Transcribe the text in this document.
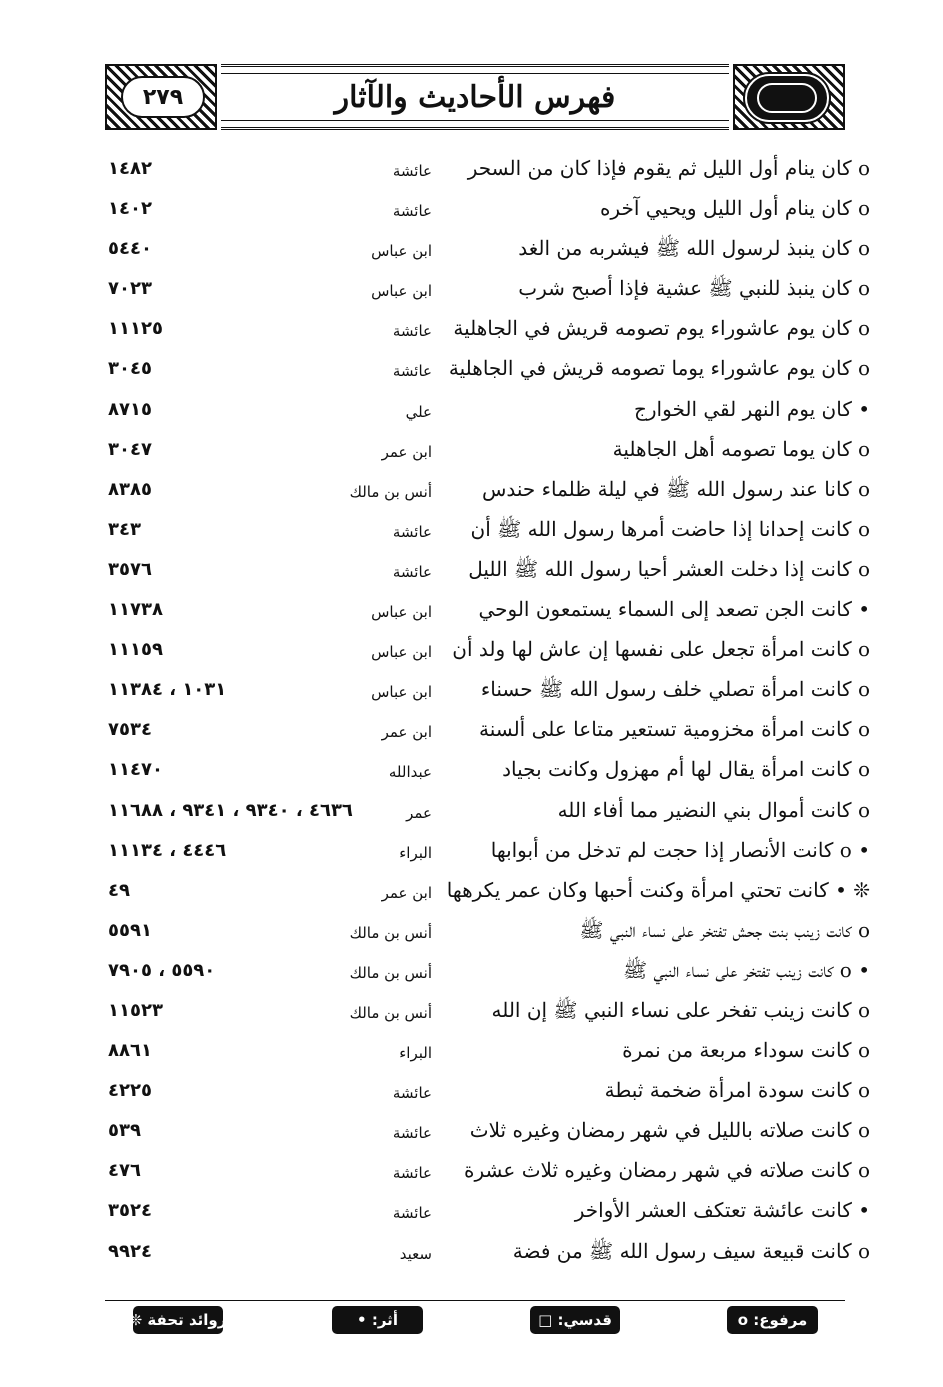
٢٧٩	فهرس الأحاديث والآثار
١٤٨٢	عائشة o كان ينام أول الليل ثم يقوم فإذا كان من السحر
١٤٠٢	عائشة	o كان ينام أول الليل ويحيي آخره
٥٤٤٠	ابن عباس	o كان ينبذ لرسول الله ﷺ فيشربه من الغد
٧٠٢٣	ابن عباس	o كان ينبذ للنبي ﷺ عشية فإذا أصبح شرب
١١١٢٥	عائشة o كان يوم عاشوراء يوم تصومه قريش في الجاهلية
٣٠٤٥	عائشة o كان يوم عاشوراء يوما تصومه قريش في الجاهلية
٨٧١٥	علي	• كان يوم النهر لقي الخوارج
٣٠٤٧	ابن عمر	o كان يوما تصومه أهل الجاهلية
٨٣٨٥	أنس بن مالك o كانا عند رسول الله ﷺ في ليلة ظلماء حندس
٣٤٣	عائشة o كانت إحدانا إذا حاضت أمرها رسول الله ﷺ أن
٣٥٧٦	عائشة o كانت إذا دخلت العشر أحيا رسول الله ﷺ الليل
١١٧٣٨	ابن عباس • كانت الجن تصعد إلى السماء يستمعون الوحي
١١١٥٩	ابن عباس o كانت امرأة تجعل على نفسها إن عاش لها ولد أن
١٠٣١ ، ١١٣٨٤	ابن عباس o كانت امرأة تصلي خلف رسول الله ﷺ حسناء
٧٥٣٤	ابن عمر o كانت امرأة مخزومية تستعير متاعا على ألسنة
١١٤٧٠	عبدالله	o كانت امرأة يقال لها أم مهزول وكانت بجياد
٤٦٣٦ ، ٩٣٤٠ ، ٩٣٤١ ، ١١٦٨٨	عمر	o كانت أموال بني النضير مما أفاء الله
٤٤٤٦ ، ١١١٣٤	البراء	• o كانت الأنصار إذا حجت لم تدخل من أبوابها
٤٩	ابن عمر ❊ • كانت تحتي امرأة وكنت أحبها وكان عمر يكرهها
٥٥٩١	أنس بن مالك	o كانت زينب بنت جحش تفتخر على نساء النبي ﷺ
٥٥٩٠ ، ٧٩٠٥	أنس بن مالك	• o كانت زينب تفتخر على نساء النبي ﷺ
١١٥٢٣	أنس بن مالك	o كانت زينب تفخر على نساء النبي ﷺ إن الله
٨٨٦١	البراء	o كانت سوداء مربعة من نمرة
٤٢٢٥	عائشة	o كانت سودة امرأة ضخمة ثبطة
٥٣٩	عائشة o كانت صلاته بالليل في شهر رمضان وغيره ثلاث
٤٧٦	عائشة o كانت صلاته في شهر رمضان وغيره ثلاث عشرة
٣٥٢٤	عائشة	• كانت عائشة تعتكف العشر الأواخر
٩٩٢٤	سعيد	o كانت قبيعة سيف رسول الله ﷺ من فضة
مرفوع: o
قدسي: □
أثر: •
زوائد تحفة ❊
